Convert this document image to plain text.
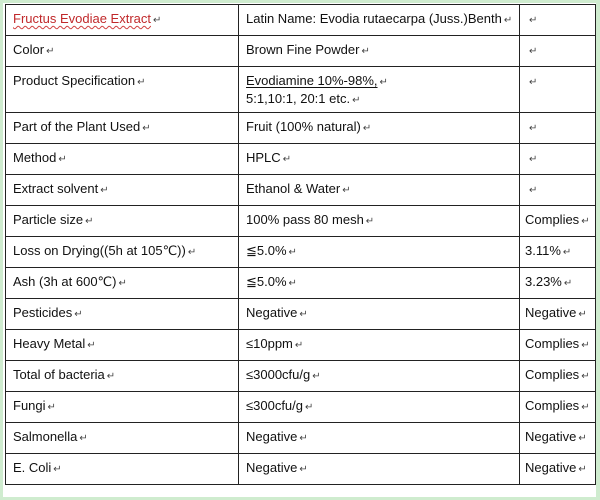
Fructus Evodiae Extract ↵	Latin Name: Evodia rutaecarpa (Juss.)Benth ↵	↵

Color ↵	Brown Fine Powder ↵	↵

Product Specification ↵	Evodiamine 10%-98%, ↵
5:1,10:1, 20:1 etc. ↵	↵

Part of the Plant Used ↵	Fruit (100% natural) ↵	↵

Method ↵	HPLC ↵	↵

Extract solvent ↵	Ethanol & Water ↵	↵

Particle size ↵	100% pass 80 mesh ↵	Complies ↵

Loss on Drying((5h at 105℃)) ↵	≦5.0% ↵	3.11% ↵

Ash (3h at 600℃) ↵	≦5.0% ↵	3.23% ↵

Pesticides ↵	Negative ↵	Negative ↵

Heavy Metal ↵	≤10ppm ↵	Complies ↵

Total of bacteria ↵	≤3000cfu/g ↵	Complies ↵

Fungi ↵	≤300cfu/g ↵	Complies ↵

Salmonella ↵	Negative ↵	Negative ↵

E. Coli ↵	Negative ↵	Negative ↵
